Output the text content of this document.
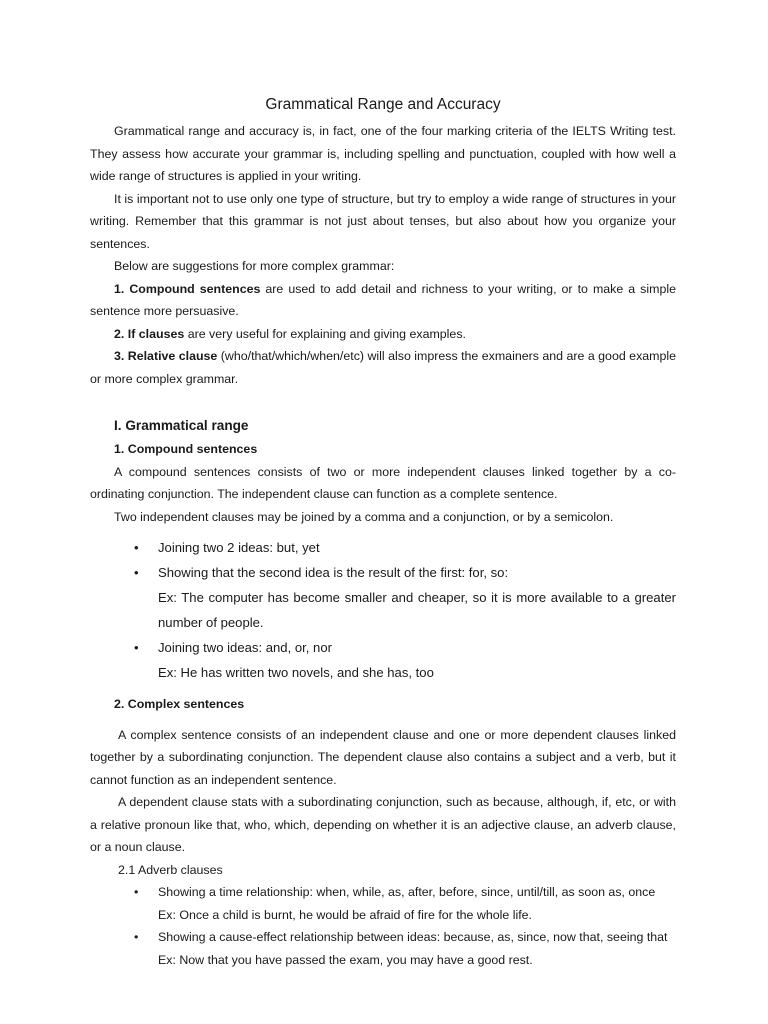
Grammatical Range and Accuracy

Grammatical range and accuracy is, in fact, one of the four marking criteria of the IELTS Writing test. They assess how accurate your grammar is, including spelling and punctuation, coupled with how well a wide range of structures is applied in your writing.

It is important not to use only one type of structure, but try to employ a wide range of structures in your writing. Remember that this grammar is not just about tenses, but also about how you organize your sentences.

Below are suggestions for more complex grammar:

1. Compound sentences are used to add detail and richness to your writing, or to make a simple sentence more persuasive.

2. If clauses are very useful for explaining and giving examples.

3. Relative clause (who/that/which/when/etc) will also impress the exmainers and are a good example or more complex grammar.

I. Grammatical range

1. Compound sentences

A compound sentences consists of two or more independent clauses linked together by a co-ordinating conjunction. The independent clause can function as a complete sentence.

Two independent clauses may be joined by a comma and a conjunction, or by a semicolon.

• Joining two 2 ideas: but, yet
• Showing that the second idea is the result of the first: for, so:
Ex: The computer has become smaller and cheaper, so it is more available to a greater number of people.
• Joining two ideas: and, or, nor
Ex: He has written two novels, and she has, too

2. Complex sentences

A complex sentence consists of an independent clause and one or more dependent clauses linked together by a subordinating conjunction. The dependent clause also contains a subject and a verb, but it cannot function as an independent sentence.

A dependent clause stats with a subordinating conjunction, such as because, although, if, etc, or with a relative pronoun like that, who, which, depending on whether it is an adjective clause, an adverb clause, or a noun clause.

2.1 Adverb clauses

• Showing a time relationship: when, while, as, after, before, since, until/till, as soon as, once
Ex: Once a child is burnt, he would be afraid of fire for the whole life.
• Showing a cause-effect relationship between ideas: because, as, since, now that, seeing that
Ex: Now that you have passed the exam, you may have a good rest.
